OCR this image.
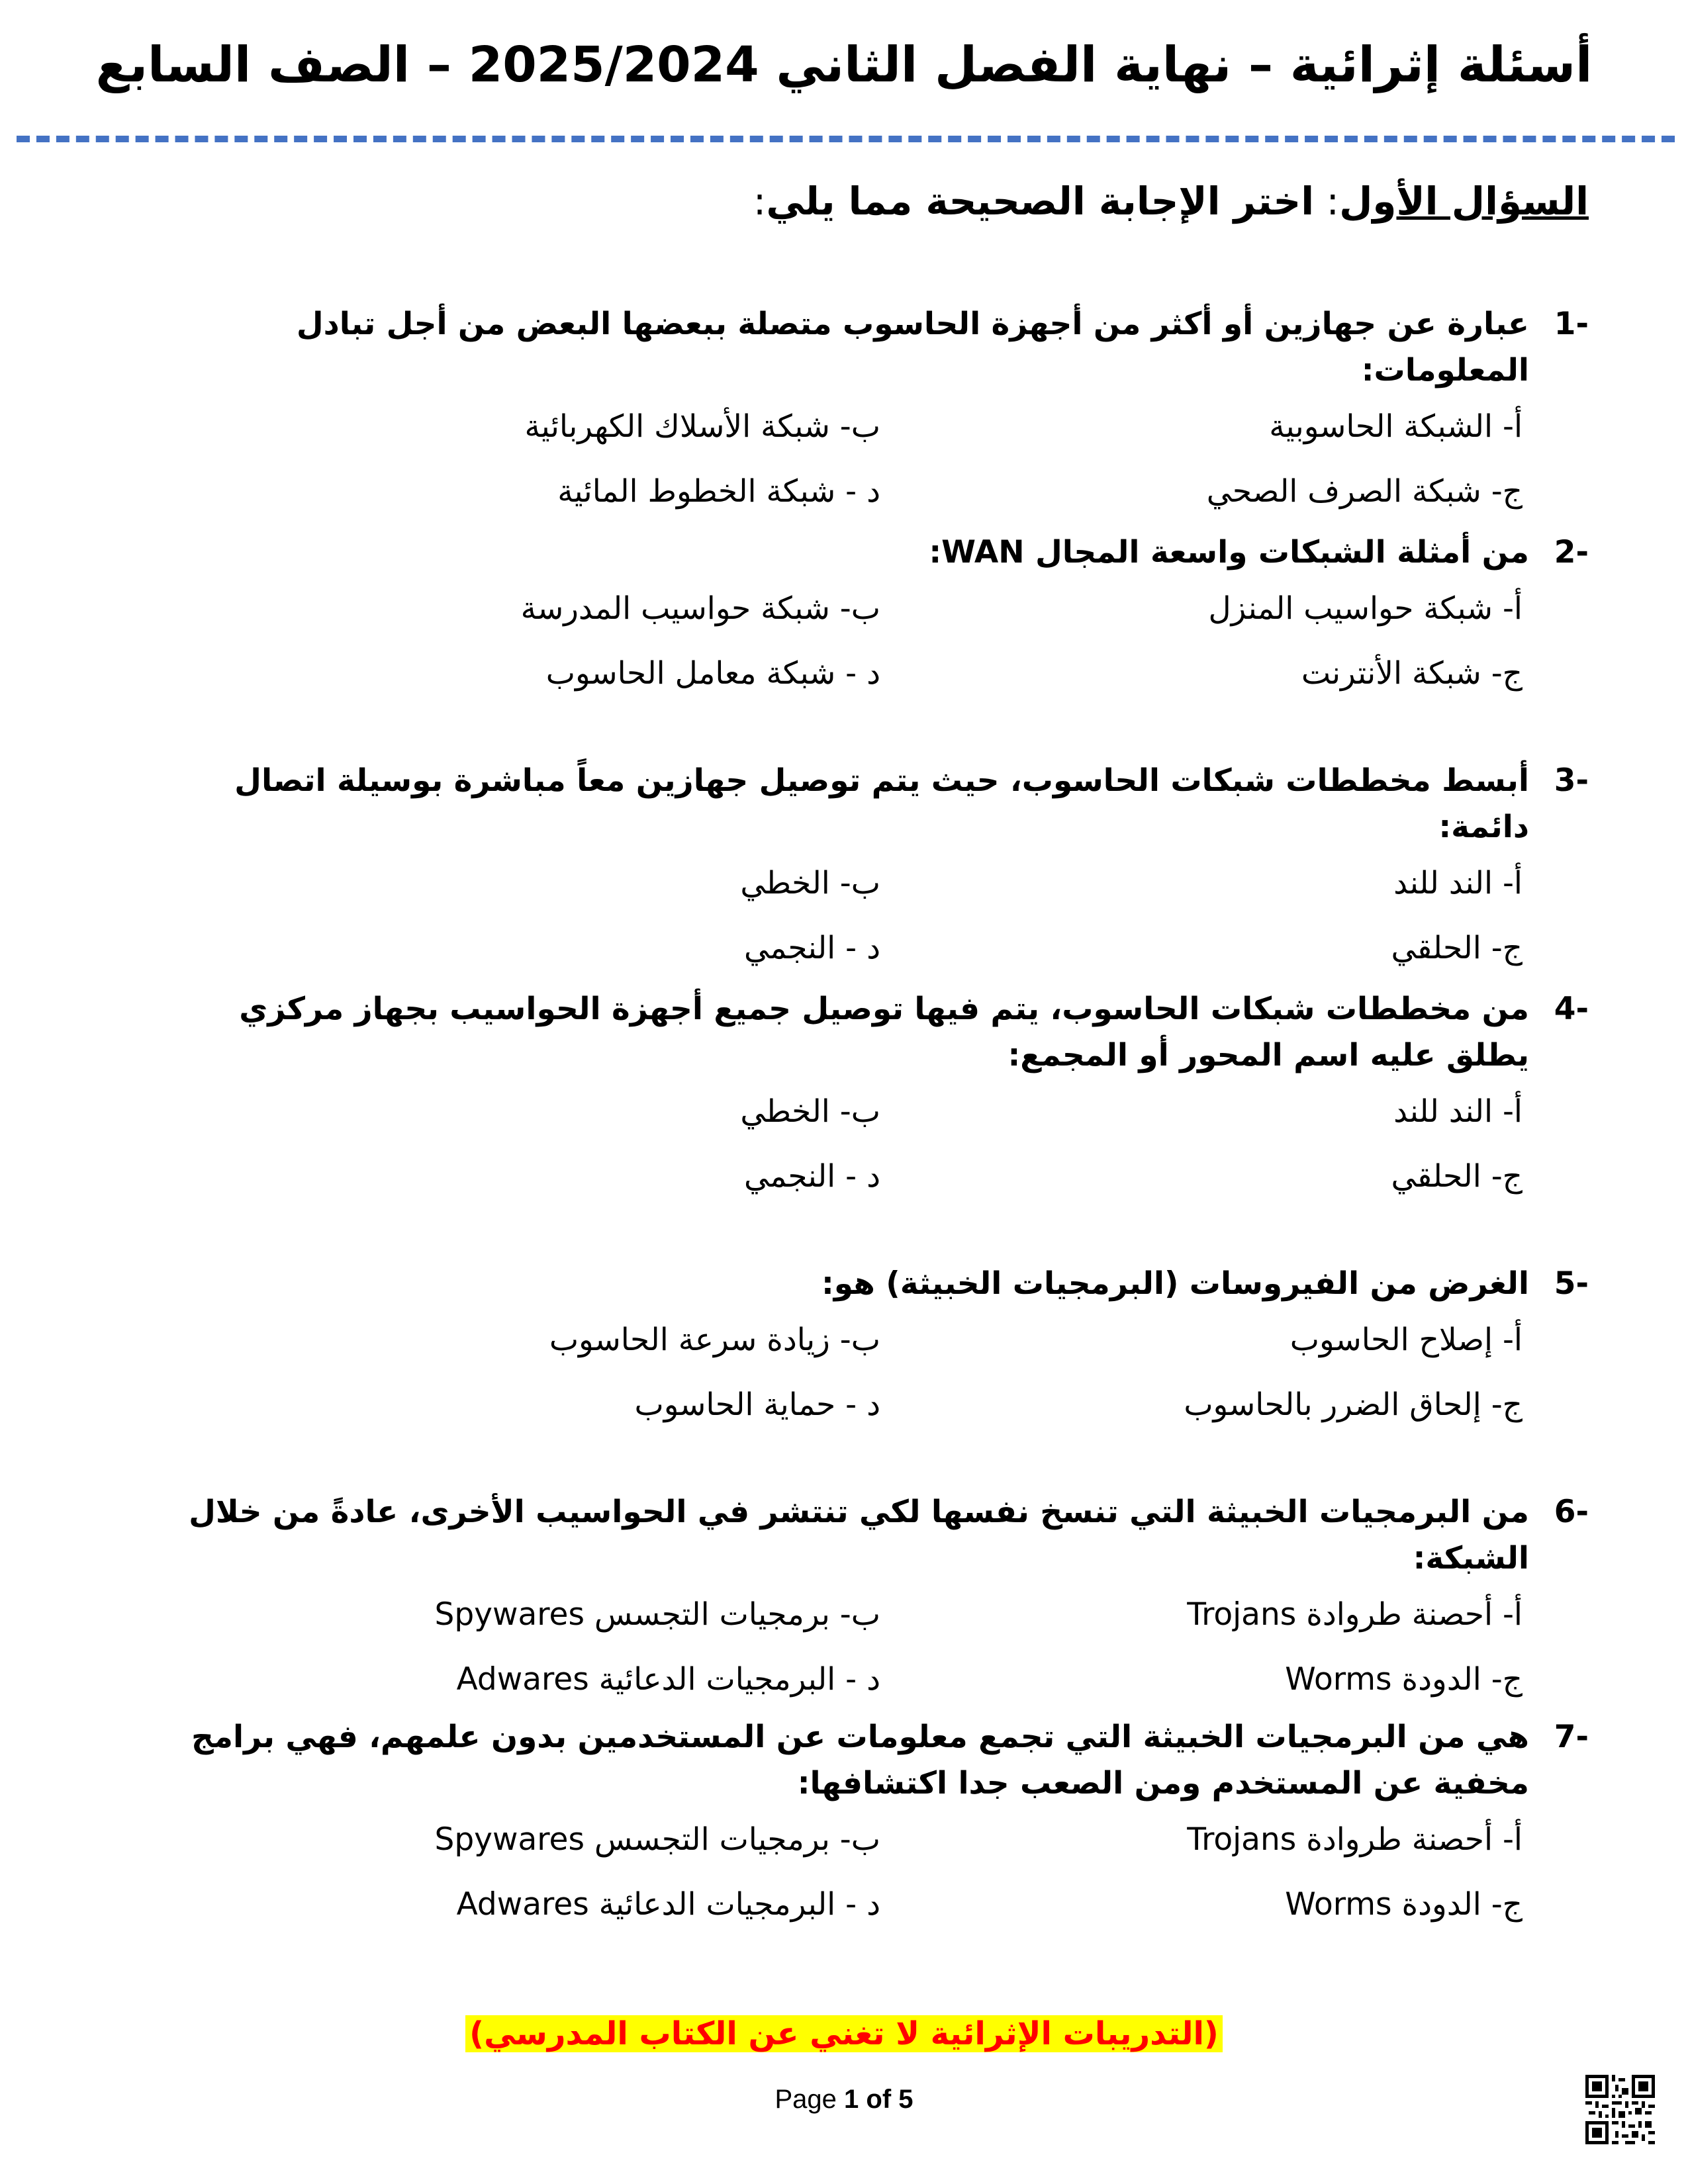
أسئلة إثرائية – نهاية الفصل الثاني 2025/2024 – الصف السابع
السؤال الأول: اختر الإجابة الصحيحة مما يلي:
-1
عبارة عن جهازين أو أكثر من أجهزة الحاسوب متصلة ببعضها البعض من أجل تبادل المعلومات:
أ- الشبكة الحاسوبية
ب- شبكة الأسلاك الكهربائية
ج- شبكة الصرف الصحي
د - شبكة الخطوط المائية
-2
من أمثلة الشبكات واسعة المجال WAN:
أ- شبكة حواسيب المنزل
ب- شبكة حواسيب المدرسة
ج- شبكة الأنترنت
د - شبكة معامل الحاسوب
-3
أبسط مخططات شبكات الحاسوب، حيث يتم توصيل جهازين معاً مباشرة بوسيلة اتصال دائمة:
أ- الند للند
ب- الخطي
ج- الحلقي
د - النجمي
-4
من مخططات شبكات الحاسوب، يتم فيها توصيل جميع أجهزة الحواسيب بجهاز مركزي يطلق عليه اسم المحور أو المجمع:
أ- الند للند
ب- الخطي
ج- الحلقي
د - النجمي
-5
الغرض من الفيروسات (البرمجيات الخبيثة) هو:
أ- إصلاح الحاسوب
ب- زيادة سرعة الحاسوب
ج- إلحاق الضرر بالحاسوب
د - حماية الحاسوب
-6
من البرمجيات الخبيثة التي تنسخ نفسها لكي تنتشر في الحواسيب الأخرى، عادةً من خلال الشبكة:
أ- أحصنة طروادة Trojans
ب- برمجيات التجسس Spywares
ج- الدودة Worms
د - البرمجيات الدعائية Adwares
-7
هي من البرمجيات الخبيثة التي تجمع معلومات عن المستخدمين بدون علمهم، فهي برامج مخفية عن المستخدم ومن الصعب جدا اكتشافها:
أ- أحصنة طروادة Trojans
ب- برمجيات التجسس Spywares
ج- الدودة Worms
د - البرمجيات الدعائية Adwares
(التدريبات الإثرائية لا تغني عن الكتاب المدرسي)
Page 1 of 5
